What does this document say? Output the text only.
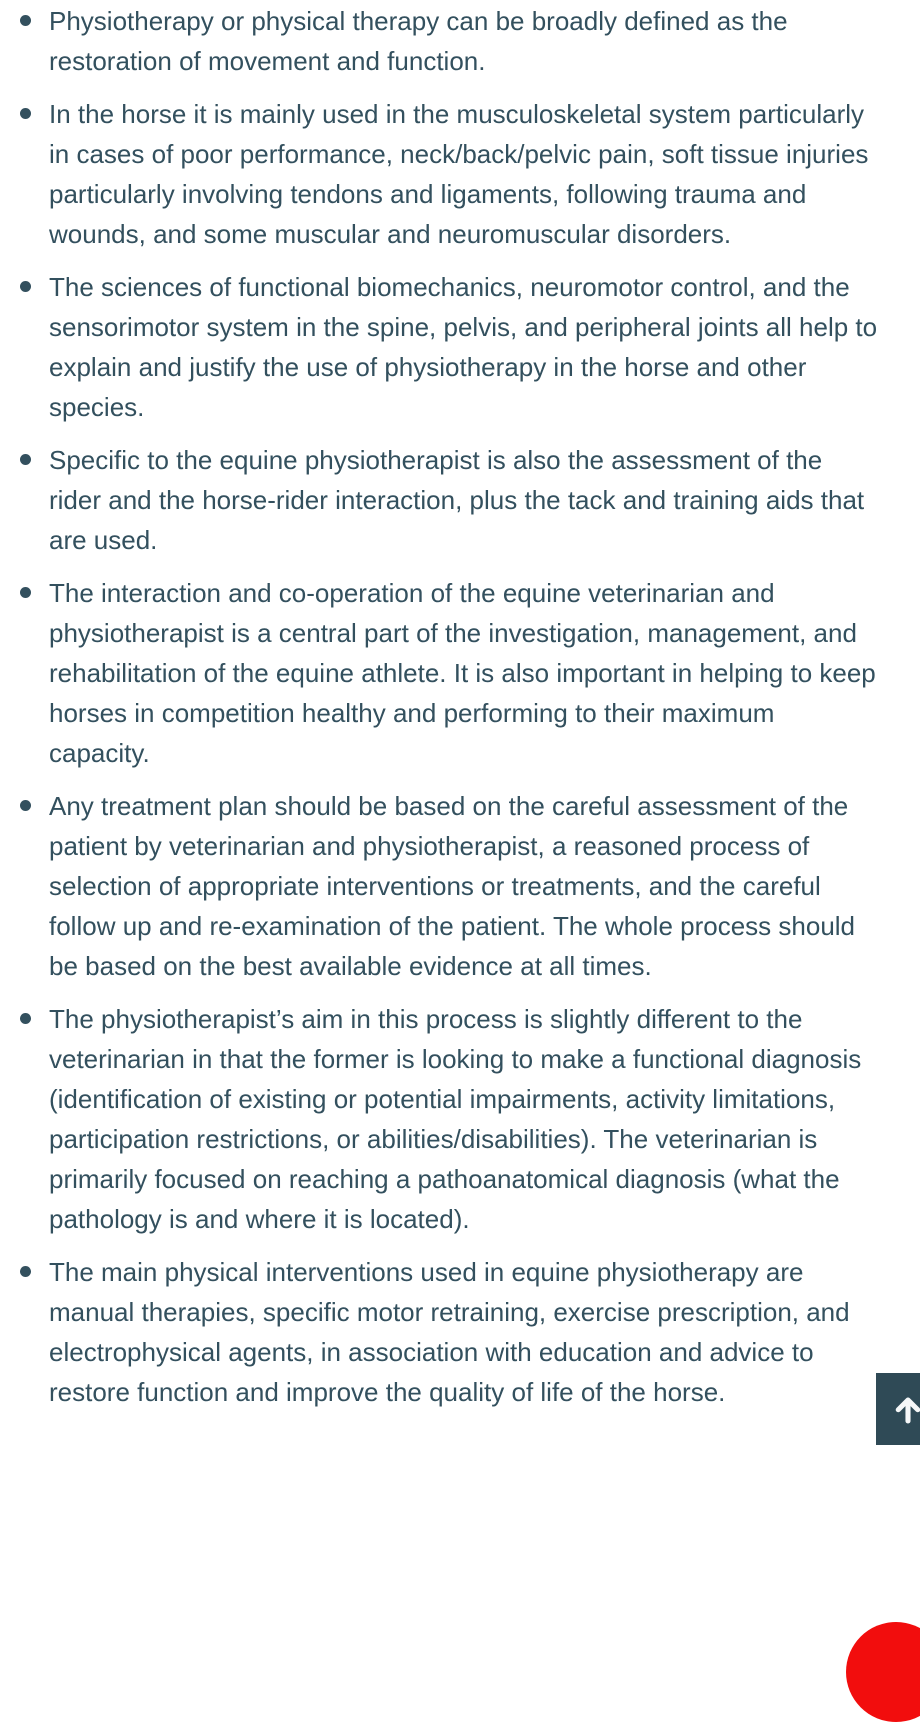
Physiotherapy or physical therapy can be broadly defined as the restoration of movement and function.
In the horse it is mainly used in the musculoskeletal system particularly in cases of poor performance, neck/back/pelvic pain, soft tissue injuries particularly involving tendons and ligaments, following trauma and wounds, and some muscular and neuromuscular disorders.
The sciences of functional biomechanics, neuromotor control, and the sensorimotor system in the spine, pelvis, and peripheral joints all help to explain and justify the use of physiotherapy in the horse and other species.
Specific to the equine physiotherapist is also the assessment of the rider and the horse-rider interaction, plus the tack and training aids that are used.
The interaction and co-operation of the equine veterinarian and physiotherapist is a central part of the investigation, management, and rehabilitation of the equine athlete. It is also important in helping to keep horses in competition healthy and performing to their maximum capacity.
Any treatment plan should be based on the careful assessment of the patient by veterinarian and physiotherapist, a reasoned process of selection of appropriate interventions or treatments, and the careful follow up and re-examination of the patient. The whole process should be based on the best available evidence at all times.
The physiotherapist’s aim in this process is slightly different to the veterinarian in that the former is looking to make a functional diagnosis (identification of existing or potential impairments, activity limitations, participation restrictions, or abilities/disabilities). The veterinarian is primarily focused on reaching a pathoanatomical diagnosis (what the pathology is and where it is located).
The main physical interventions used in equine physiotherapy are manual therapies, specific motor retraining, exercise prescription, and electrophysical agents, in association with education and advice to restore function and improve the quality of life of the horse.
